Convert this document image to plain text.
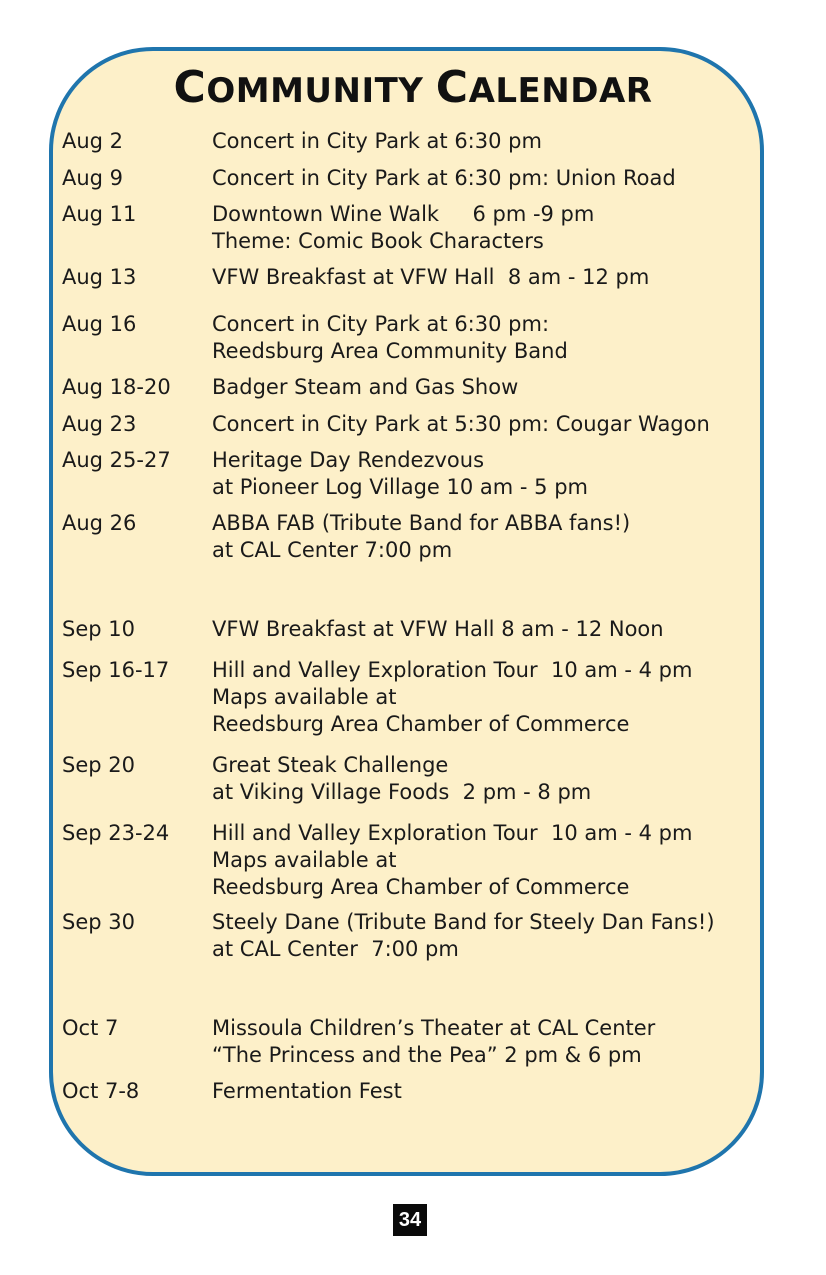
COMMUNITY CALENDAR
Aug 2	Concert in City Park at 6:30 pm
Aug 9	Concert in City Park at 6:30 pm: Union Road
Aug 11	Downtown Wine Walk     6 pm -9 pm
Theme: Comic Book Characters
Aug 13	VFW Breakfast at VFW Hall  8 am - 12 pm
Aug 16	Concert in City Park at 6:30 pm:
Reedsburg Area Community Band
Aug 18-20 Badger Steam and Gas Show
Aug 23	Concert in City Park at 5:30 pm: Cougar Wagon
Aug 25-27 Heritage Day Rendezvous
at Pioneer Log Village 10 am - 5 pm
Aug 26	ABBA FAB (Tribute Band for ABBA fans!)
at CAL Center 7:00 pm
Sep 10	VFW Breakfast at VFW Hall 8 am - 12 Noon
Sep 16-17 Hill and Valley Exploration Tour  10 am - 4 pm
Maps available at
Reedsburg Area Chamber of Commerce
Sep 20	Great Steak Challenge
at Viking Village Foods  2 pm - 8 pm
Sep 23-24 Hill and Valley Exploration Tour  10 am - 4 pm
Maps available at
Reedsburg Area Chamber of Commerce
Sep 30	Steely Dane (Tribute Band for Steely Dan Fans!)
at CAL Center  7:00 pm
Oct 7	Missoula Children’s Theater at CAL Center
“The Princess and the Pea” 2 pm & 6 pm
Oct 7-8	Fermentation Fest
34
